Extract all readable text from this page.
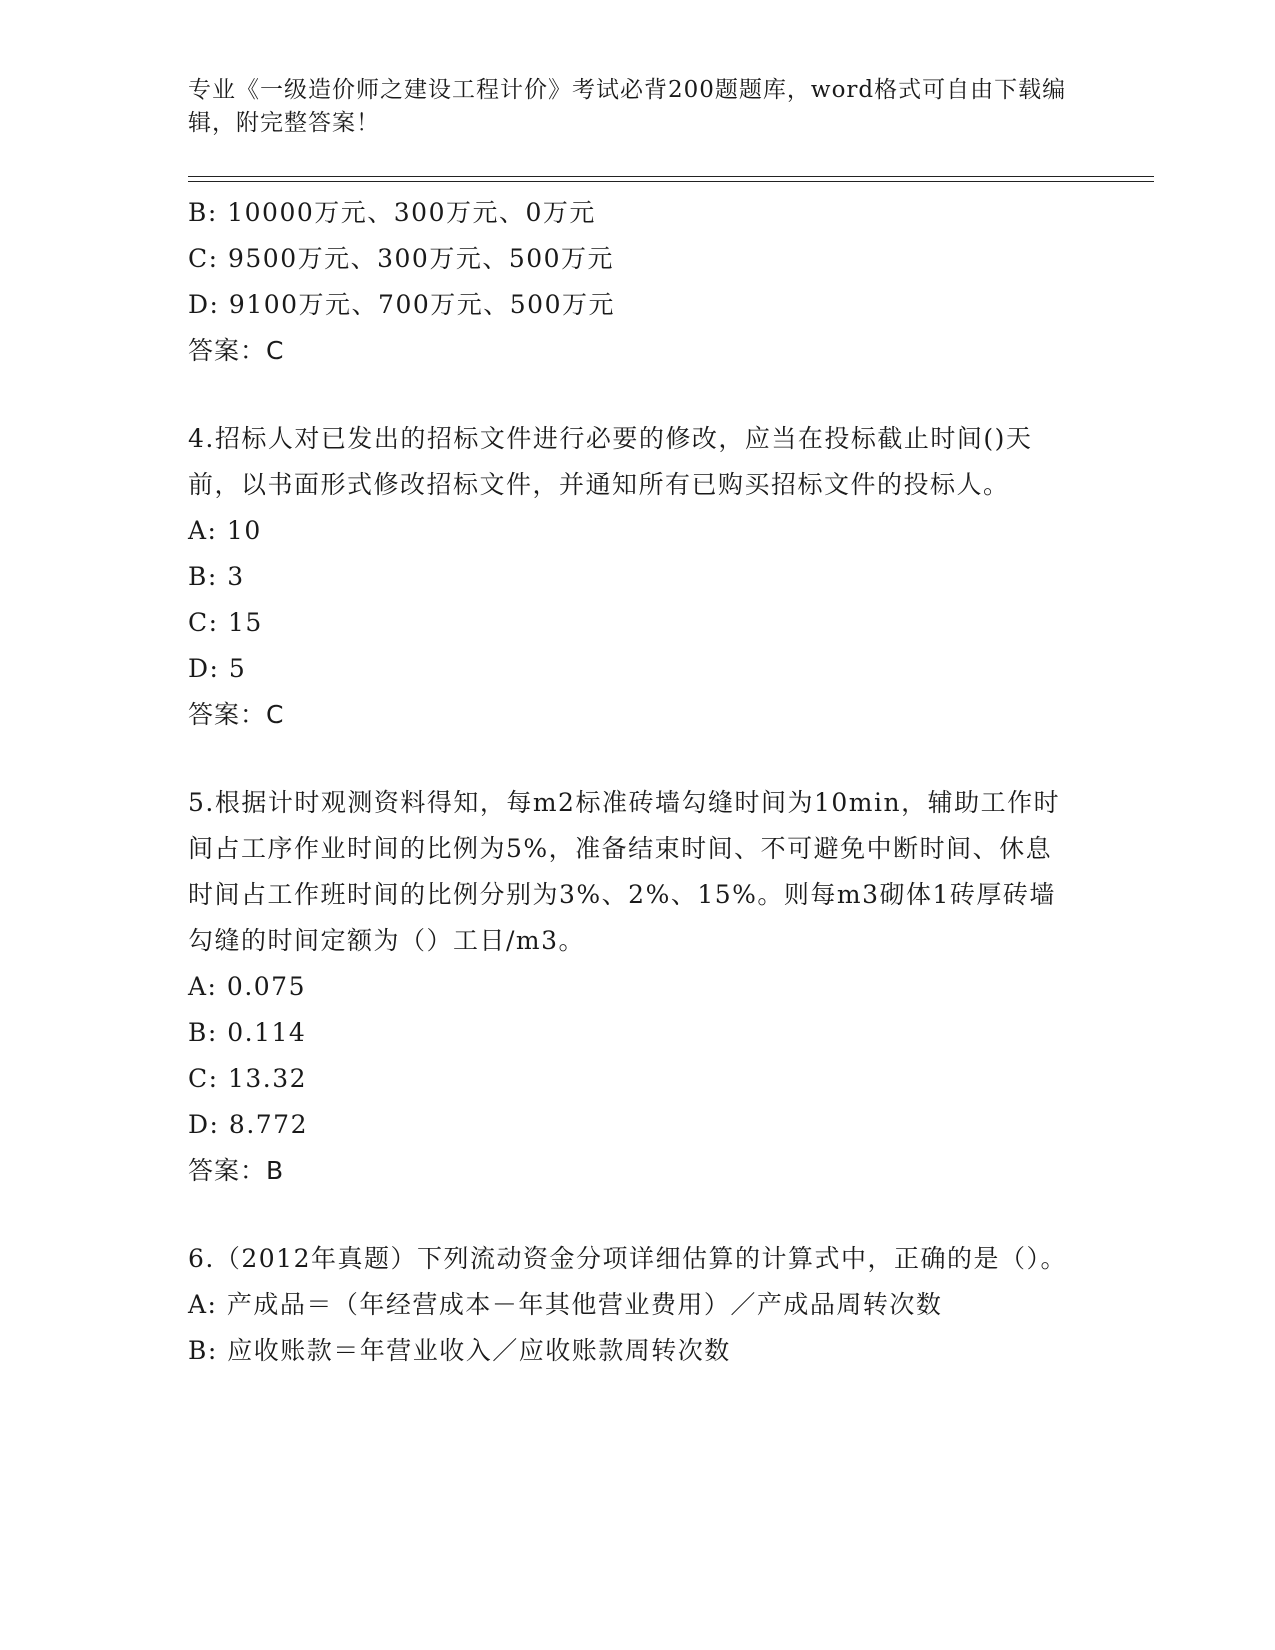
专业《一级造价师之建设工程计价》考试必背200题题库，word格式可自由下载编辑，附完整答案！

B: 10000万元、300万元、0万元

C: 9500万元、300万元、500万元

D: 9100万元、700万元、500万元

答案：C

4.招标人对已发出的招标文件进行必要的修改，应当在投标截止时间()天前，以书面形式修改招标文件，并通知所有已购买招标文件的投标人。

A: 10

B: 3

C: 15

D: 5

答案：C

5.根据计时观测资料得知，每m2标准砖墙勾缝时间为10min，辅助工作时间占工序作业时间的比例为5%，准备结束时间、不可避免中断时间、休息时间占工作班时间的比例分别为3%、2%、15%。则每m3砌体1砖厚砖墙勾缝的时间定额为（）工日/m3。

A: 0.075

B: 0.114

C: 13.32

D: 8.772

答案：B

6.（2012年真题）下列流动资金分项详细估算的计算式中，正确的是（）。

A: 产成品＝（年经营成本－年其他营业费用）／产成品周转次数

B: 应收账款＝年营业收入／应收账款周转次数
